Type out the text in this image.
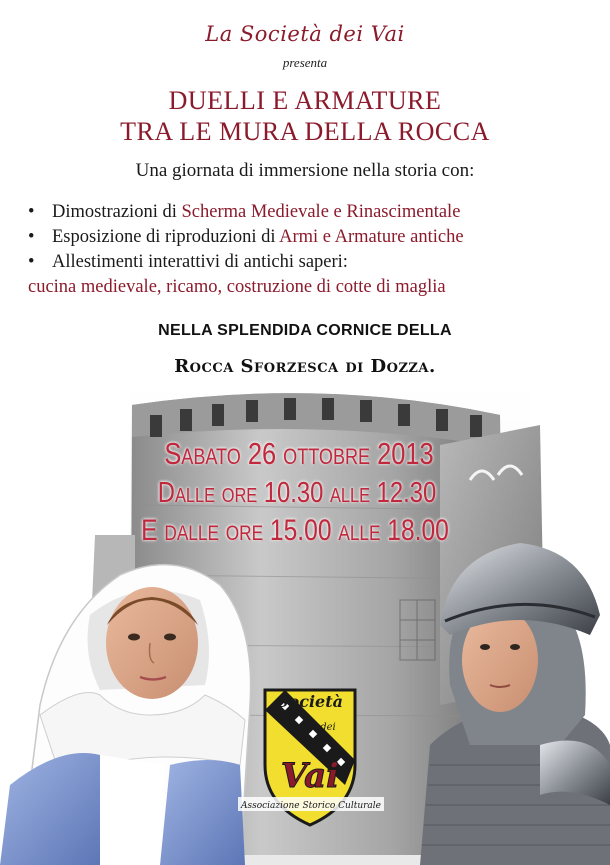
La Società dei Vai
presenta
DUELLI E ARMATURE
TRA LE MURA DELLA ROCCA
Una giornata di immersione nella storia con:
• Dimostrazioni di Scherma Medievale e Rinascimentale
• Esposizione di riproduzioni di Armi e Armature antiche
• Allestimenti interattivi di antichi saperi:
cucina medievale, ricamo, costruzione di cotte di maglia
NELLA SPLENDIDA CORNICE DELLA
Rocca Sforzesca di Dozza.
Società
dei
Vai
Associazione Storico Culturale
Sabato 26 ottobre 2013
Dalle ore 10.30 alle 12.30
E dalle ore 15.00 alle 18.00
